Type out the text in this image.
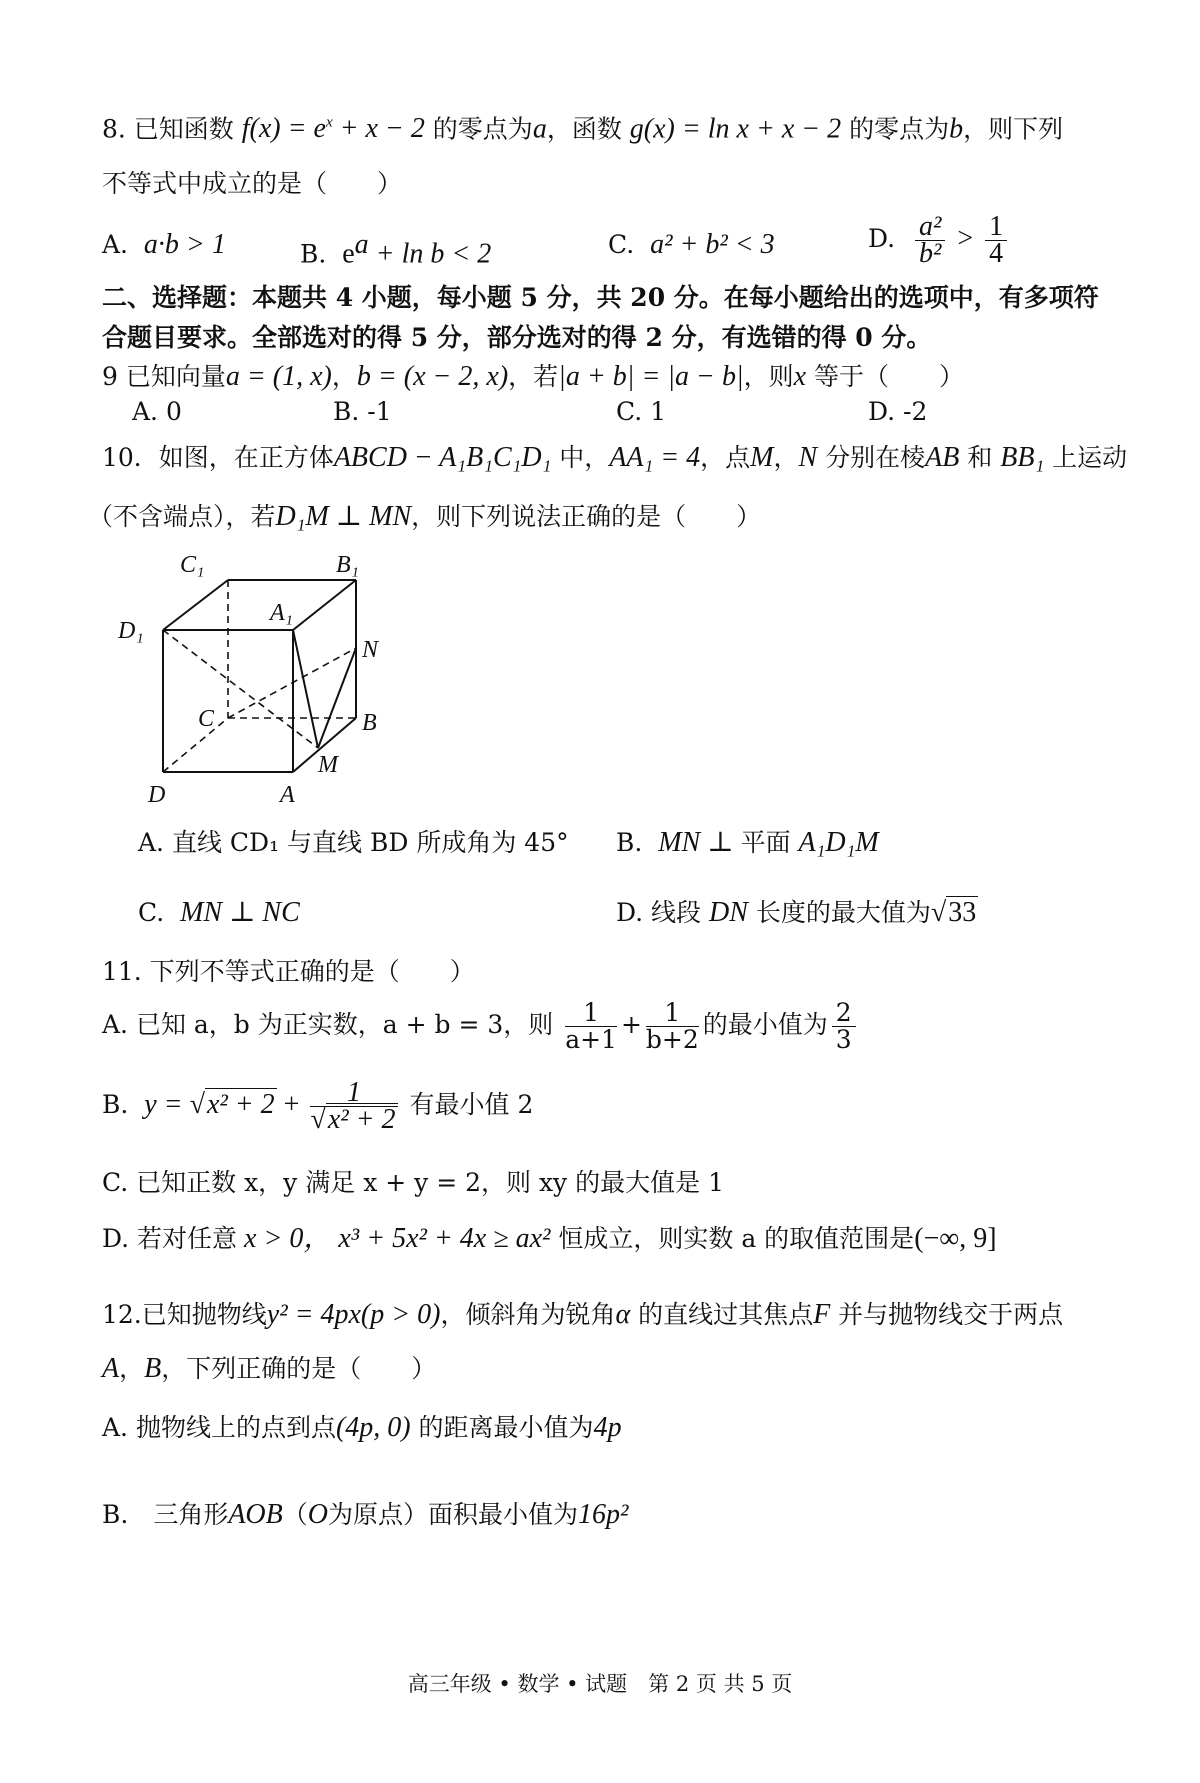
8. 已知函数 $f(x) = e^x + x - 2$ 的零点为a，函数 g(x) = ln x + x − 2 的零点为b，则下列
不等式中成立的是（　　）
A. a·b > 1	B. $e^a + \ln b < 2$	C. a² + b² < 3	D. $\frac{\text{a²}}{\text{b²}} > \frac{1}{4}$
二、选择题：本题共 4 小题，每小题 5 分，共 20 分。在每小题给出的选项中，有多项符
合题目要求。全部选对的得 5 分，部分选对的得 2 分，有选错的得 0 分。
9 已知向量a = (1, x)，b = (x − 2, x)，若|a + b| = |a − b|，则x 等于（　　）
A. 0	B. -1	C. 1	D. -2
10．如图，在正方体ABCD − A₁B₁C₁D₁ 中，AA₁ = 4，点M，N 分别在棱AB 和 BB₁ 上运动
（不含端点），若D₁M ⊥ MN，则下列说法正确的是（　　）
C₁	B₁
A₁
D₁
N
C	B
M
D	A
A. 直线 CD₁ 与直线 BD 所成角为 45° B. MN ⊥ 平面 A₁D₁M
C. MN ⊥ NC	D. 线段 DN 长度的最大值为√33
11. 下列不等式正确的是（　　）
A. 已知 a，b 为正实数，a + b = 3，则 $\frac{1}{a+1} + \frac{1}{b+2}$ 的最小值为 $\frac{2}{3}$
B. $y = √x^2 + 2 + \frac{1}{\text{√x² + 2}}$ 有最小值 2
C. 已知正数 x，y 满足 x + y = 2，则 xy 的最大值是 1
D. 若对任意 x > 0， x³ + 5x² + 4x ≥ ax² 恒成立，则实数 a 的取值范围是(−∞, 9]
12.已知抛物线y² = 4px(p > 0)，倾斜角为锐角α 的直线过其焦点F 并与抛物线交于两点
A，B，下列正确的是（　　）
A. 抛物线上的点到点(4p, 0) 的距离最小值为4p
B.　三角形AOB（O为原点）面积最小值为16p²
高三年级 • 数学 • 试题　第 2 页 共 5 页
